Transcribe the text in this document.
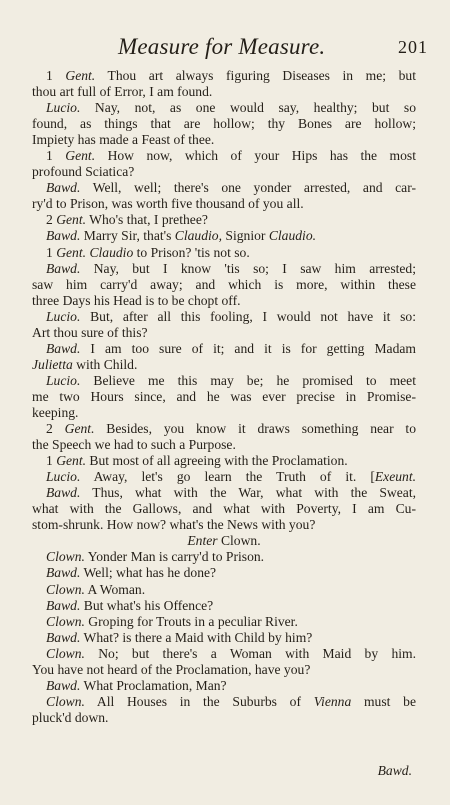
Measure for Measure.	201
1 Gent. Thou art always figuring Diseases in me; but
thou art full of Error, I am found.
Lucio. Nay, not, as one would say, healthy; but so
found, as things that are hollow; thy Bones are hollow;
Impiety has made a Feast of thee.
1 Gent. How now, which of your Hips has the most
profound Sciatica?
Bawd. Well, well; there's one yonder arrested, and car-
ry'd to Prison, was worth five thousand of you all.
2 Gent. Who's that, I prethee?
Bawd. Marry Sir, that's Claudio, Signior Claudio.
1 Gent. Claudio to Prison? 'tis not so.
Bawd. Nay, but I know 'tis so; I saw him arrested;
saw him carry'd away; and which is more, within these
three Days his Head is to be chopt off.
Lucio. But, after all this fooling, I would not have it so:
Art thou sure of this?
Bawd. I am too sure of it; and it is for getting Madam
Julietta with Child.
Lucio. Believe me this may be; he promised to meet
me two Hours since, and he was ever precise in Promise-
keeping.
2 Gent. Besides, you know it draws something near to
the Speech we had to such a Purpose.
1 Gent. But most of all agreeing with the Proclamation.
Lucio. Away, let's go learn the Truth of it. [Exeunt.
Bawd. Thus, what with the War, what with the Sweat,
what with the Gallows, and what with Poverty, I am Cu-
stom-shrunk. How now? what's the News with you?
Enter Clown.
Clown. Yonder Man is carry'd to Prison.
Bawd. Well; what has he done?
Clown. A Woman.
Bawd. But what's his Offence?
Clown. Groping for Trouts in a peculiar River.
Bawd. What? is there a Maid with Child by him?
Clown. No; but there's a Woman with Maid by him.
You have not heard of the Proclamation, have you?
Bawd. What Proclamation, Man?
Clown. All Houses in the Suburbs of Vienna must be
pluck'd down.
Bawd.
